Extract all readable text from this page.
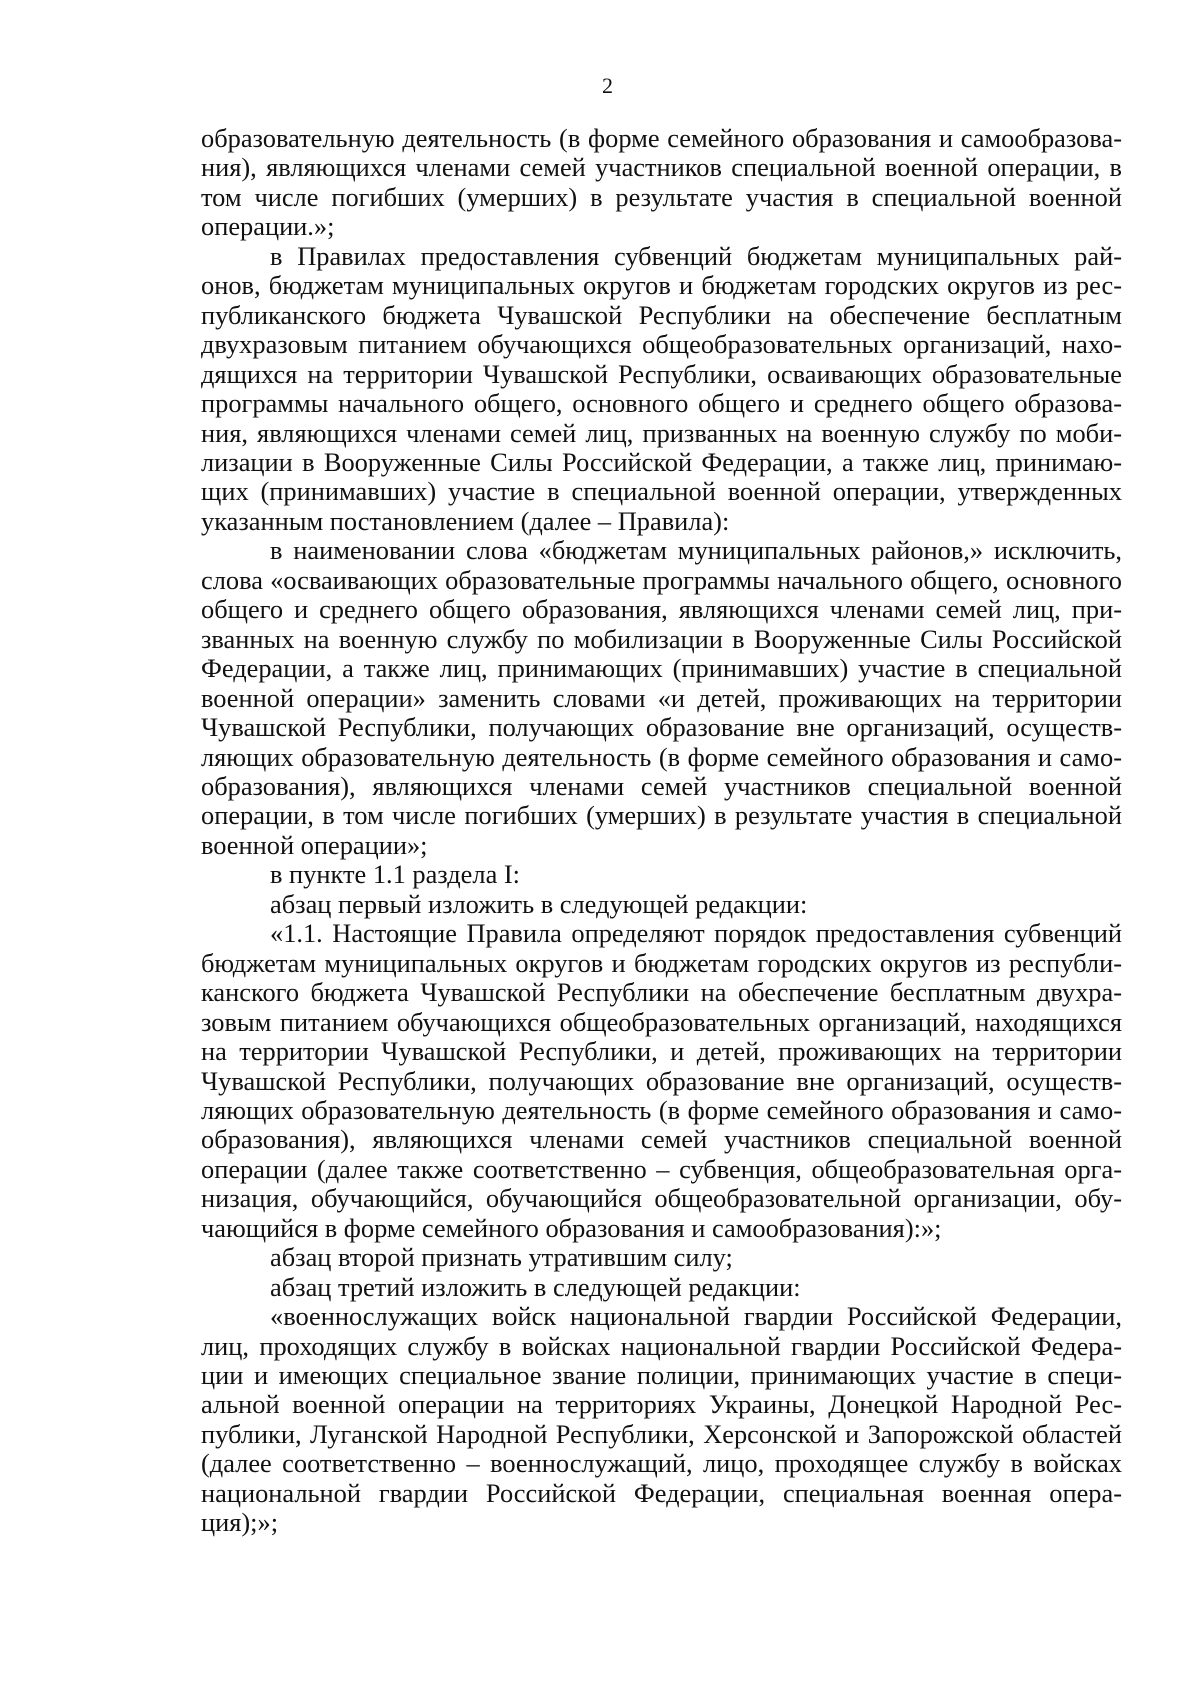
2

образовательную деятельность (в форме семейного образования и самообразования), являющихся членами семей участников специальной военной операции, в том числе погибших (умерших) в результате участия в специальной военной операции.»;

в Правилах предоставления субвенций бюджетам муниципальных районов, бюджетам муниципальных округов и бюджетам городских округов из республиканского бюджета Чувашской Республики на обеспечение бесплатным двухразовым питанием обучающихся общеобразовательных организаций, находящихся на территории Чувашской Республики, осваивающих образовательные программы начального общего, основного общего и среднего общего образования, являющихся членами семей лиц, призванных на военную службу по мобилизации в Вооруженные Силы Российской Федерации, а также лиц, принимающих (принимавших) участие в специальной военной операции, утвержденных указанным постановлением (далее – Правила):

в наименовании слова «бюджетам муниципальных районов,» исключить, слова «осваивающих образовательные программы начального общего, основного общего и среднего общего образования, являющихся членами семей лиц, призванных на военную службу по мобилизации в Вооруженные Силы Российской Федерации, а также лиц, принимающих (принимавших) участие в специальной военной операции» заменить словами «и детей, проживающих на территории Чувашской Республики, получающих образование вне организаций, осуществляющих образовательную деятельность (в форме семейного образования и самообразования), являющихся членами семей участников специальной военной операции, в том числе погибших (умерших) в результате участия в специальной военной операции»;

в пункте 1.1 раздела I:

абзац первый изложить в следующей редакции:

«1.1. Настоящие Правила определяют порядок предоставления субвенций бюджетам муниципальных округов и бюджетам городских округов из республиканского бюджета Чувашской Республики на обеспечение бесплатным двухразовым питанием обучающихся общеобразовательных организаций, находящихся на территории Чувашской Республики, и детей, проживающих на территории Чувашской Республики, получающих образование вне организаций, осуществляющих образовательную деятельность (в форме семейного образования и самообразования), являющихся членами семей участников специальной военной операции (далее также соответственно – субвенция, общеобразовательная организация, обучающийся, обучающийся общеобразовательной организации, обучающийся в форме семейного образования и самообразования):»;

абзац второй признать утратившим силу;

абзац третий изложить в следующей редакции:

«военнослужащих войск национальной гвардии Российской Федерации, лиц, проходящих службу в войсках национальной гвардии Российской Федерации и имеющих специальное звание полиции, принимающих участие в специальной военной операции на территориях Украины, Донецкой Народной Республики, Луганской Народной Республики, Херсонской и Запорожской областей (далее соответственно – военнослужащий, лицо, проходящее службу в войсках национальной гвардии Российской Федерации, специальная военная операция);»;
